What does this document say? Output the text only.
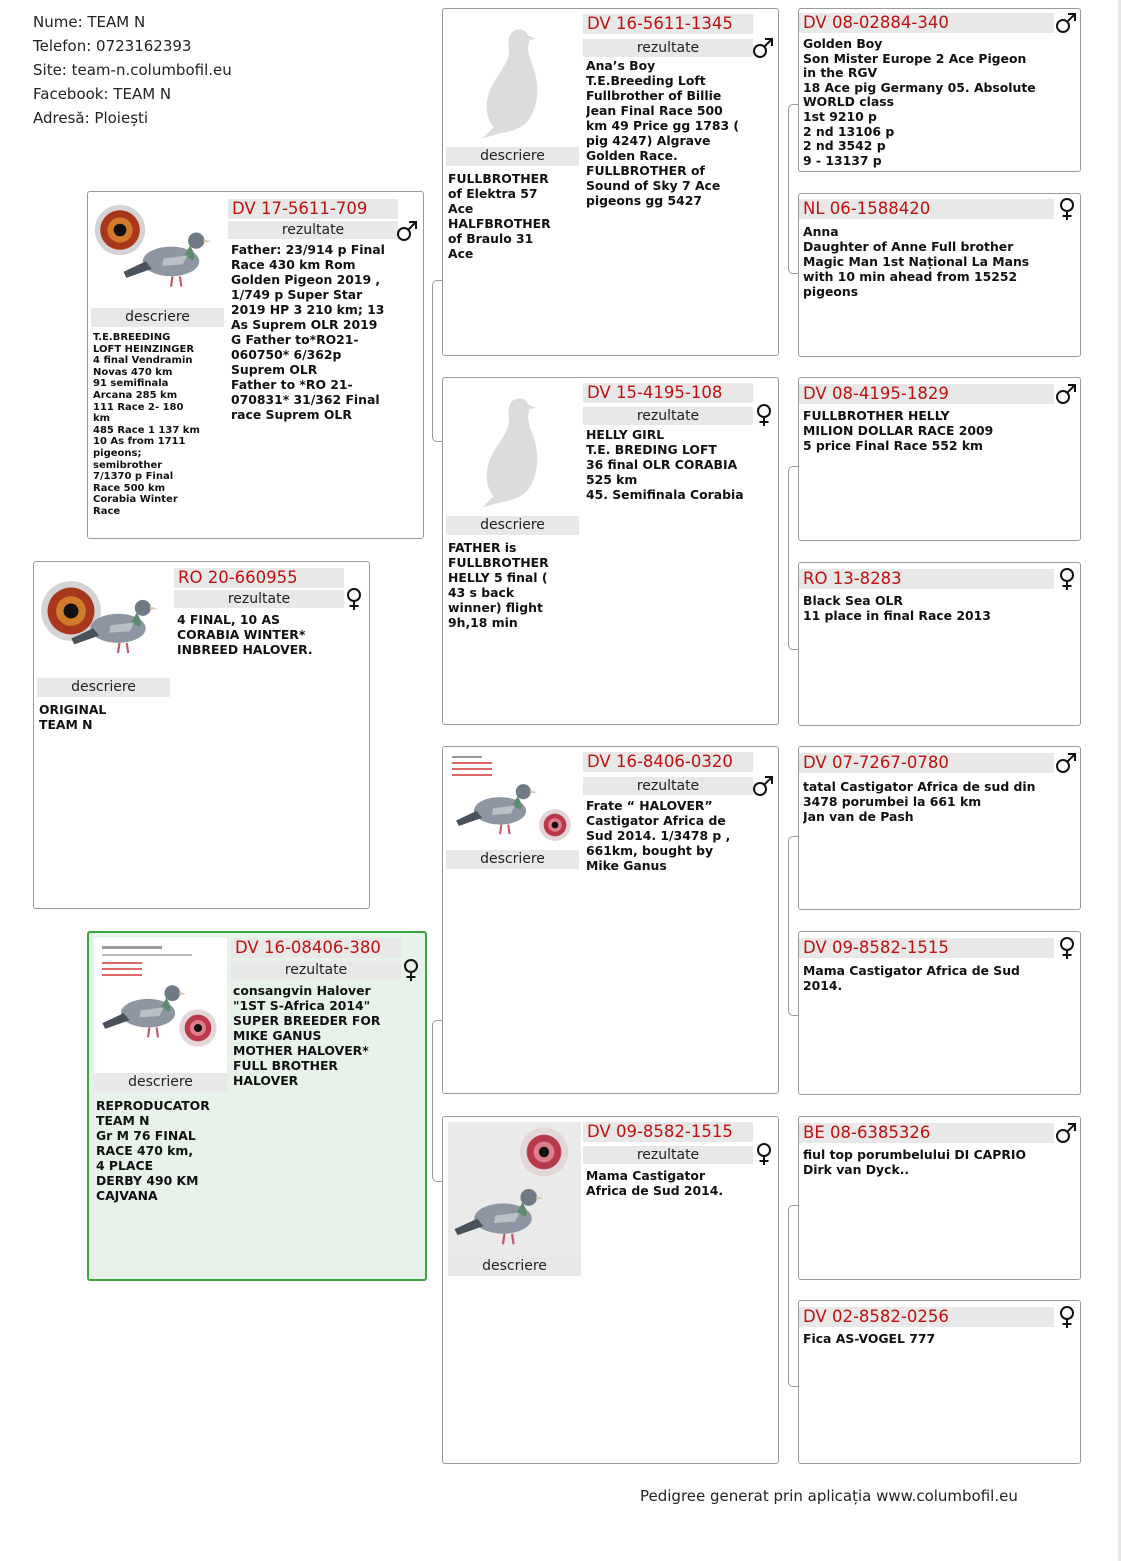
Nume: TEAM N
Telefon: 0723162393
Site: team-n.columbofil.eu
Facebook: TEAM N
Adresă: Ploiești
DV 17-5611-709
rezultate
Father: 23/914 p Final
Race 430 km Rom
Golden Pigeon 2019 ,
1/749 p Super Star
2019 HP 3 210 km; 13
As Suprem OLR 2019
G Father to*RO21-
060750* 6/362p
Suprem OLR
Father to *RO 21-
070831* 31/362 Final
race Suprem OLR
descriere
T.E.BREEDING
LOFT HEINZINGER
4 final Vendramin
Novas 470 km
91 semifinala
Arcana 285 km
111 Race 2- 180
km
485 Race 1 137 km
10 As from 1711
pigeons;
semibrother
7/1370 p Final
Race 500 km
Corabia Winter
Race
RO 20-660955
rezultate
4 FINAL, 10 AS
CORABIA WINTER*
INBREED HALOVER.
descriere
ORIGINAL
TEAM N
DV 16-08406-380
rezultate
consangvin Halover
"1ST S-Africa 2014"
SUPER BREEDER FOR
MIKE GANUS
MOTHER HALOVER*
FULL BROTHER
HALOVER
descriere
REPRODUCATOR
TEAM N
Gr M 76 FINAL
RACE 470 km,
4 PLACE
DERBY 490 KM
CAJVANA
DV 16-5611-1345
rezultate
Ana’s Boy
T.E.Breeding Loft
Fullbrother of Billie
Jean Final Race 500
km 49 Price gg 1783 (
pig 4247) Algrave
Golden Race.
FULLBROTHER of
Sound of Sky 7 Ace
pigeons gg 5427
descriere
FULLBROTHER
of Elektra 57
Ace
HALFBROTHER
of Braulo 31
Ace
DV 15-4195-108
rezultate
HELLY GIRL
T.E. BREDING LOFT
36 final OLR CORABIA
525 km
45. Semifinala Corabia
descriere
FATHER is
FULLBROTHER
HELLY 5 final (
43 s back
winner) flight
9h,18 min
DV 16-8406-0320
rezultate
Frate “ HALOVER”
Castigator Africa de
Sud 2014. 1/3478 p ,
661km, bought by
Mike Ganus
descriere
DV 09-8582-1515
rezultate
Mama Castigator
Africa de Sud 2014.
descriere
DV 08-02884-340
Golden Boy
Son Mister Europe 2 Ace Pigeon
in the RGV
18 Ace pig Germany 05. Absolute
WORLD class
1st 9210 p
2 nd 13106 p
2 nd 3542 p
9 - 13137 p
NL 06-1588420
Anna
Daughter of Anne Full brother
Magic Man 1st Național La Mans
with 10 min ahead from 15252
pigeons
DV 08-4195-1829
FULLBROTHER HELLY
MILION DOLLAR RACE 2009
5 price Final Race 552 km
RO 13-8283
Black Sea OLR
11 place in final Race 2013
DV 07-7267-0780
tatal Castigator Africa de sud din
3478 porumbei la 661 km
Jan van de Pash
DV 09-8582-1515
Mama Castigator Africa de Sud
2014.
BE 08-6385326
fiul top porumbelului DI CAPRIO
Dirk van Dyck..
DV 02-8582-0256
Fica AS-VOGEL 777
Pedigree generat prin aplicația www.columbofil.eu
